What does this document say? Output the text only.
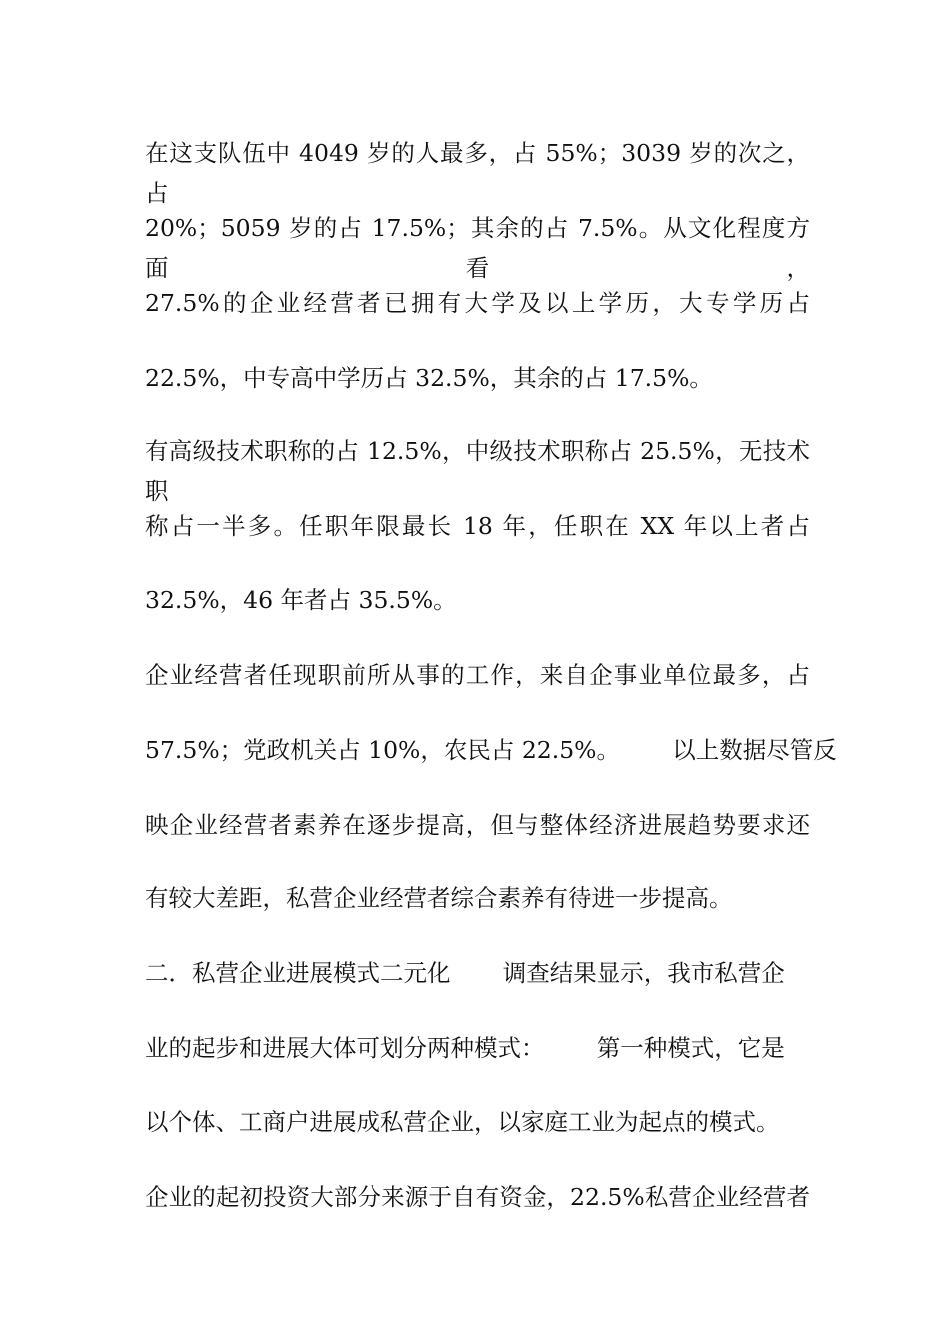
在这支队伍中 4049 岁的人最多，占 55%；3039 岁的次之，占

20%；5059 岁的占 17.5%；其余的占 7.5%。从文化程度方面看，

27.5%的企业经营者已拥有大学及以上学历，大专学历占

22.5%，中专高中学历占 32.5%，其余的占 17.5%。

有高级技术职称的占 12.5%，中级技术职称占 25.5%，无技术职

称占一半多。任职年限最长 18 年，任职在 XX 年以上者占

32.5%，46 年者占 35.5%。

企业经营者任现职前所从事的工作，来自企事业单位最多，占

57.5%；党政机关占 10%，农民占 22.5%。       以上数据尽管反

映企业经营者素养在逐步提高，但与整体经济进展趋势要求还

有较大差距，私营企业经营者综合素养有待进一步提高。

二．私营企业进展模式二元化       调查结果显示，我市私营企

业的起步和进展大体可划分两种模式：       第一种模式，它是

以个体、工商户进展成私营企业，以家庭工业为起点的模式。

企业的起初投资大部分来源于自有资金，22.5%私营企业经营者
